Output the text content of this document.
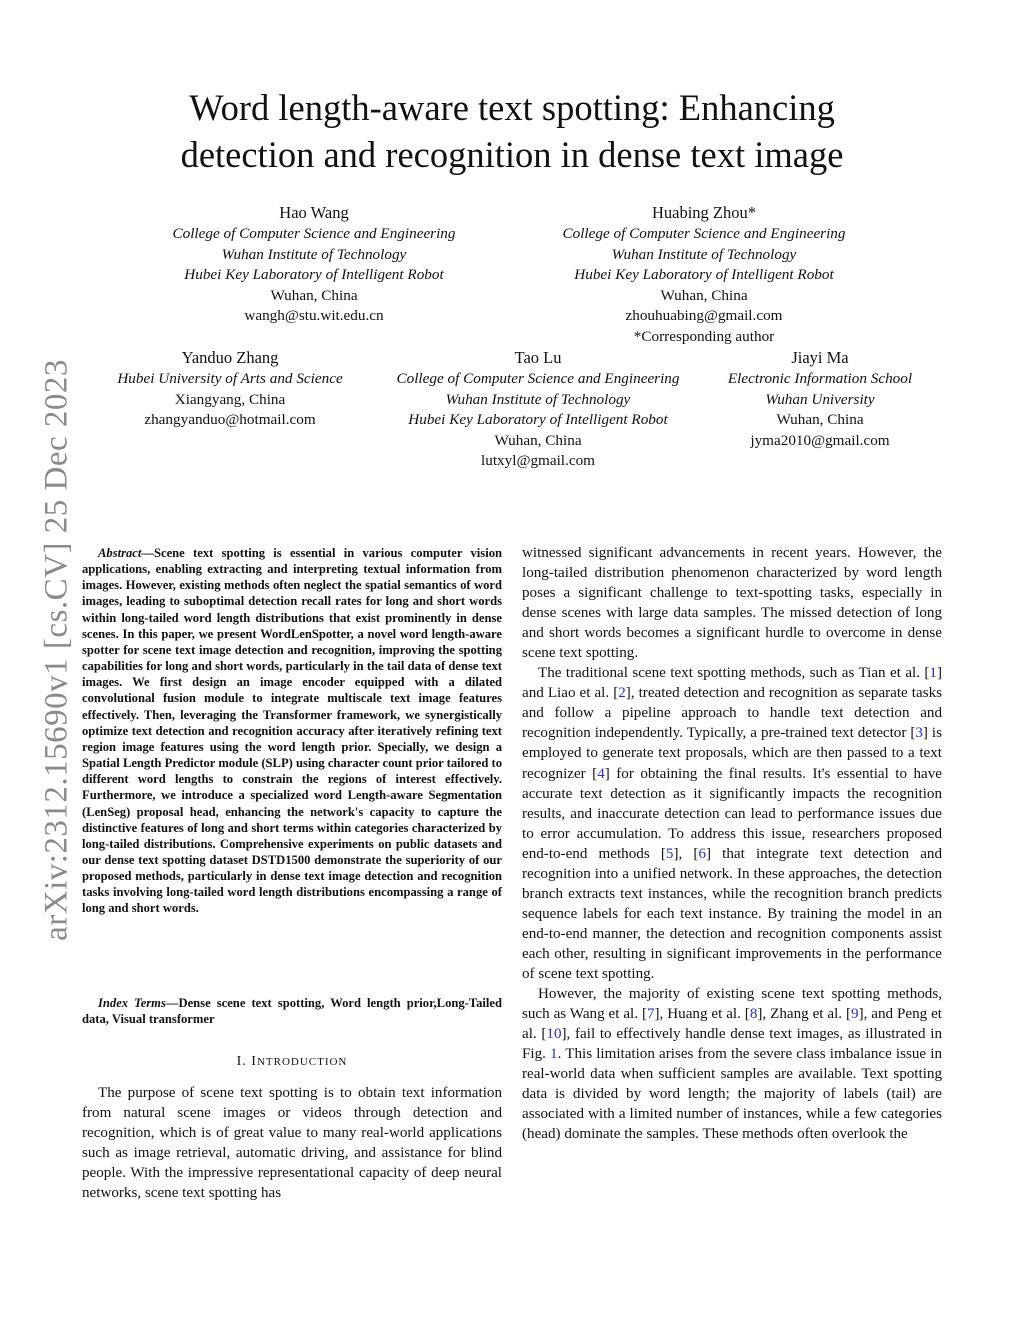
arXiv:2312.15690v1 [cs.CV] 25 Dec 2023
Word length-aware text spotting: Enhancing
detection and recognition in dense text image
Hao Wang
College of Computer Science and Engineering
Wuhan Institute of Technology
Hubei Key Laboratory of Intelligent Robot
Wuhan, China
wangh@stu.wit.edu.cn
Huabing Zhou*
College of Computer Science and Engineering
Wuhan Institute of Technology
Hubei Key Laboratory of Intelligent Robot
Wuhan, China
zhouhuabing@gmail.com
*Corresponding author
Yanduo Zhang
Hubei University of Arts and Science
Xiangyang, China
zhangyanduo@hotmail.com
Tao Lu
College of Computer Science and Engineering
Wuhan Institute of Technology
Hubei Key Laboratory of Intelligent Robot
Wuhan, China
lutxyl@gmail.com
Jiayi Ma
Electronic Information School
Wuhan University
Wuhan, China
jyma2010@gmail.com

Abstract—Scene text spotting is essential in various computer vision applications, enabling extracting and interpreting textual information from images. However, existing methods often neglect the spatial semantics of word images, leading to suboptimal detection recall rates for long and short words within long-tailed word length distributions that exist prominently in dense scenes. In this paper, we present WordLenSpotter, a novel word length-aware spotter for scene text image detection and recognition, improving the spotting capabilities for long and short words, particularly in the tail data of dense text images. We first design an image encoder equipped with a dilated convolutional fusion module to integrate multiscale text image features effectively. Then, leveraging the Transformer framework, we synergistically optimize text detection and recognition accuracy after iteratively refining text region image features using the word length prior. Specially, we design a Spatial Length Predictor module (SLP) using character count prior tailored to different word lengths to constrain the regions of interest effectively. Furthermore, we introduce a specialized word Length-aware Segmentation (LenSeg) proposal head, enhancing the network's capacity to capture the distinctive features of long and short terms within categories characterized by long-tailed distributions. Comprehensive experiments on public datasets and our dense text spotting dataset DSTD1500 demonstrate the superiority of our proposed methods, particularly in dense text image detection and recognition tasks involving long-tailed word length distributions encompassing a range of long and short words.

Index Terms—Dense scene text spotting, Word length prior,Long-Tailed data, Visual transformer

I. INTRODUCTION

The purpose of scene text spotting is to obtain text information from natural scene images or videos through detection and recognition, which is of great value to many real-world applications such as image retrieval, automatic driving, and assistance for blind people. With the impressive representational capacity of deep neural networks, scene text spotting has

witnessed significant advancements in recent years. However, the long-tailed distribution phenomenon characterized by word length poses a significant challenge to text-spotting tasks, especially in dense scenes with large data samples. The missed detection of long and short words becomes a significant hurdle to overcome in dense scene text spotting.

The traditional scene text spotting methods, such as Tian et al. [1] and Liao et al. [2], treated detection and recognition as separate tasks and follow a pipeline approach to handle text detection and recognition independently. Typically, a pre-trained text detector [3] is employed to generate text proposals, which are then passed to a text recognizer [4] for obtaining the final results. It's essential to have accurate text detection as it significantly impacts the recognition results, and inaccurate detection can lead to performance issues due to error accumulation. To address this issue, researchers proposed end-to-end methods [5], [6] that integrate text detection and recognition into a unified network. In these approaches, the detection branch extracts text instances, while the recognition branch predicts sequence labels for each text instance. By training the model in an end-to-end manner, the detection and recognition components assist each other, resulting in significant improvements in the performance of scene text spotting.

However, the majority of existing scene text spotting methods, such as Wang et al. [7], Huang et al. [8], Zhang et al. [9], and Peng et al. [10], fail to effectively handle dense text images, as illustrated in Fig. 1. This limitation arises from the severe class imbalance issue in real-world data when sufficient samples are available. Text spotting data is divided by word length; the majority of labels (tail) are associated with a limited number of instances, while a few categories (head) dominate the samples. These methods often overlook the
